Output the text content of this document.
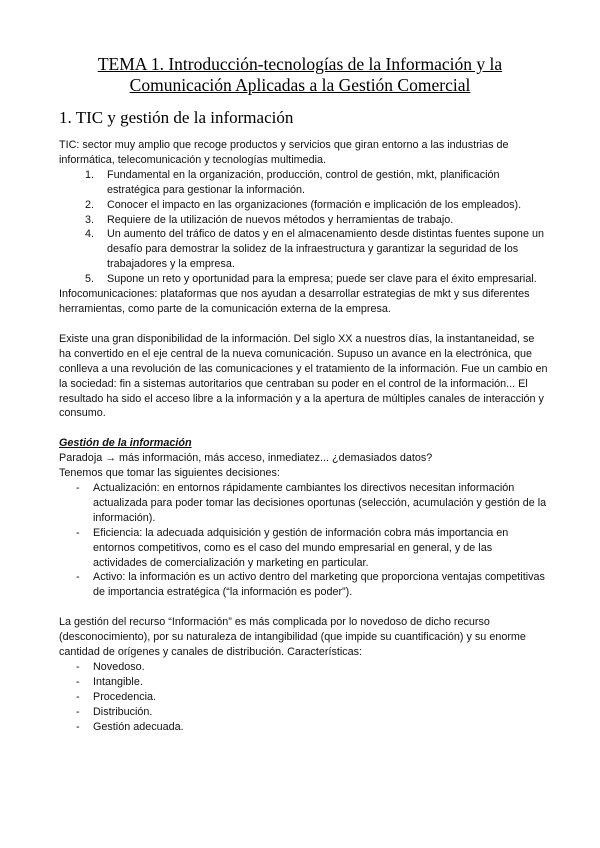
TEMA 1. Introducción-tecnologías de la Información y la Comunicación Aplicadas a la Gestión Comercial
1. TIC y gestión de la información

TIC: sector muy amplio que recoge productos y servicios que giran entorno a las industrias de informática, telecomunicación y tecnologías multimedia.

1. Fundamental en la organización, producción, control de gestión, mkt, planificación estratégica para gestionar la información.
2. Conocer el impacto en las organizaciones (formación e implicación de los empleados).
3. Requiere de la utilización de nuevos métodos y herramientas de trabajo.
4. Un aumento del tráfico de datos y en el almacenamiento desde distintas fuentes supone un desafío para demostrar la solidez de la infraestructura y garantizar la seguridad de los trabajadores y la empresa.
5. Supone un reto y oportunidad para la empresa; puede ser clave para el éxito empresarial.

Infocomunicaciones: plataformas que nos ayudan a desarrollar estrategias de mkt y sus diferentes herramientas, como parte de la comunicación externa de la empresa.

Existe una gran disponibilidad de la información. Del siglo XX a nuestros días, la instantaneidad, se ha convertido en el eje central de la nueva comunicación. Supuso un avance en la electrónica, que conlleva a una revolución de las comunicaciones y el tratamiento de la información. Fue un cambio en la sociedad: fin a sistemas autoritarios que centraban su poder en el control de la información... El resultado ha sido el acceso libre a la información y a la apertura de múltiples canales de interacción y consumo.

Gestión de la información

Paradoja → más información, más acceso, inmediatez... ¿demasiados datos?

Tenemos que tomar las siguientes decisiones:

- Actualización: en entornos rápidamente cambiantes los directivos necesitan información actualizada para poder tomar las decisiones oportunas (selección, acumulación y gestión de la información).
- Eficiencia: la adecuada adquisición y gestión de información cobra más importancia en entornos competitivos, como es el caso del mundo empresarial en general, y de las actividades de comercialización y marketing en particular.
- Activo: la información es un activo dentro del marketing que proporciona ventajas competitivas de importancia estratégica (“la información es poder”).

La gestión del recurso “Información” es más complicada por lo novedoso de dicho recurso (desconocimiento), por su naturaleza de intangibilidad (que impide su cuantificación) y su enorme cantidad de orígenes y canales de distribución. Características:

- Novedoso.
- Intangible.
- Procedencia.
- Distribución.
- Gestión adecuada.
